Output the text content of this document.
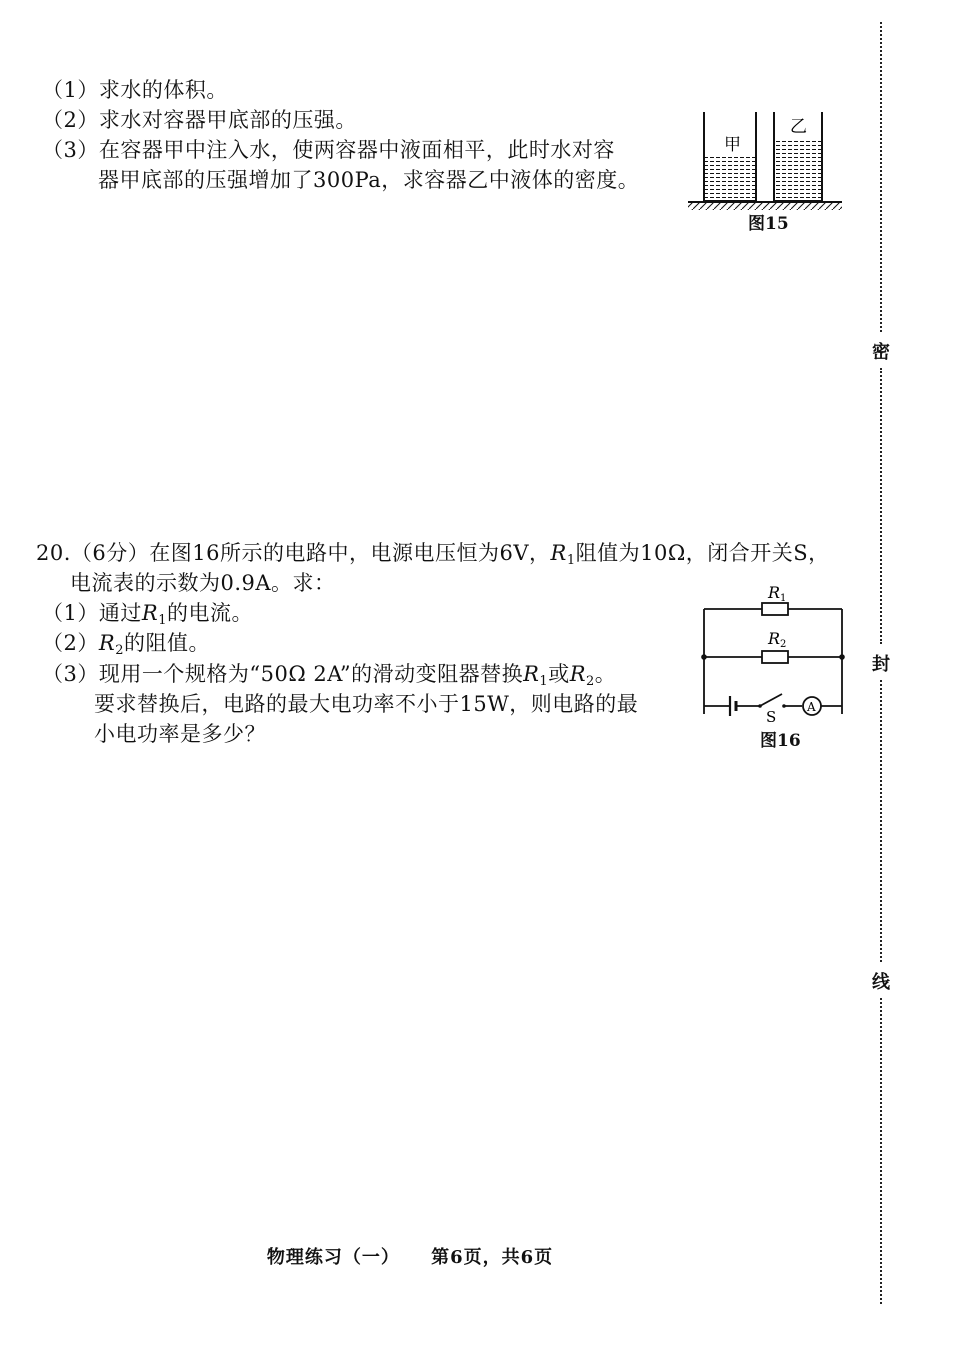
（1）求水的体积。
（2）求水对容器甲底部的压强。
（3）在容器甲中注入水，使两容器中液面相平，此时水对容
器甲底部的压强增加了300Pa，求容器乙中液体的密度。
甲
乙
图15
20.（6分）在图16所示的电路中，电源电压恒为6V，$R_1$阻值为10Ω，闭合开关S，
电流表的示数为0.9A。求：
（1）通过$R_1$的电流。
$(2)R_2$的阻值。
（3）现用一个规格为“50Ω 2A”的滑动变阻器替换$R_1$或$R_2$。
要求替换后，电路的最大电功率不小于15W，则电路的最
小电功率是多少？
R 1
R 2
S
A
图16
物理练习（一） 第6页，共6页
密
封
线
